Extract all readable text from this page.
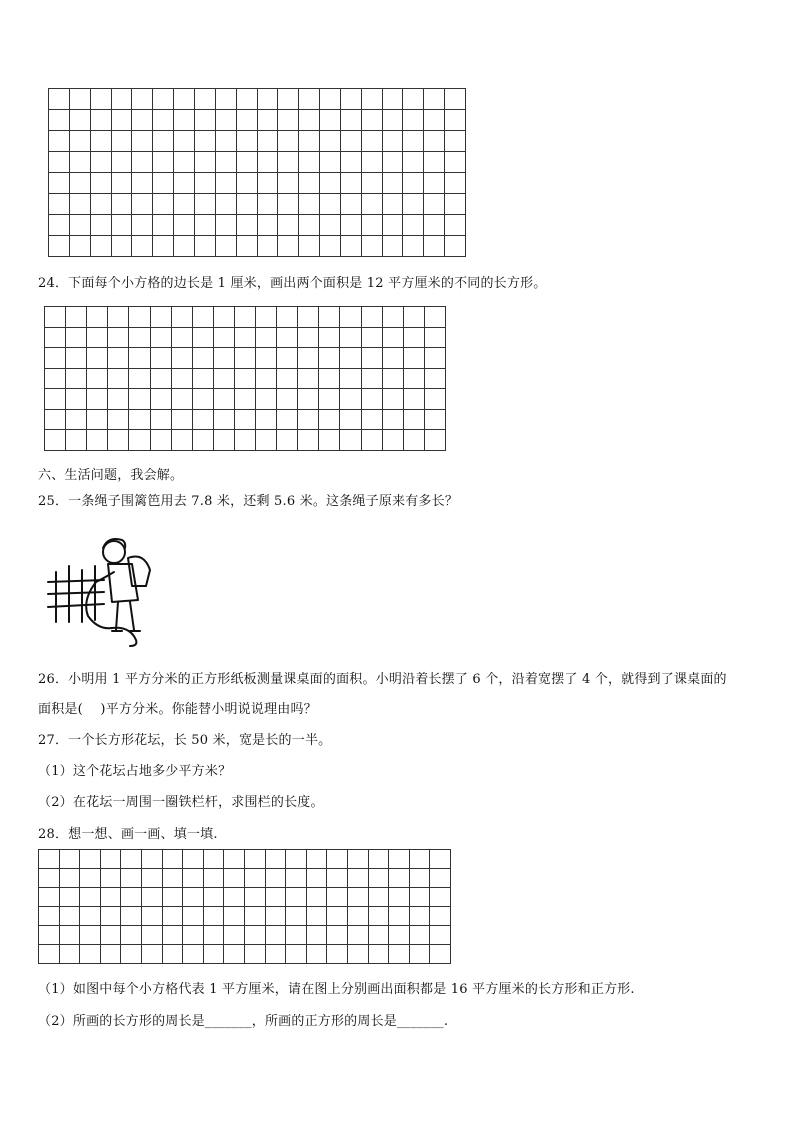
24．下面每个小方格的边长是 1 厘米，画出两个面积是 12 平方厘米的不同的长方形。
六、生活问题，我会解。
25．一条绳子围篱笆用去 7.8 米，还剩 5.6 米。这条绳子原来有多长？
26．小明用 1 平方分米的正方形纸板测量课桌面的面积。小明沿着长摆了 6 个，沿着宽摆了 4 个，就得到了课桌面的
面积是(　 )平方分米。你能替小明说说理由吗？
27．一个长方形花坛，长 50 米，宽是长的一半。
（1）这个花坛占地多少平方米？
（2）在花坛一周围一圈铁栏杆，求围栏的长度。
28．想一想、画一画、填一填.
（1）如图中每个小方格代表 1 平方厘米，请在图上分别画出面积都是 16 平方厘米的长方形和正方形.
（2）所画的长方形的周长是_______，所画的正方形的周长是_______.
